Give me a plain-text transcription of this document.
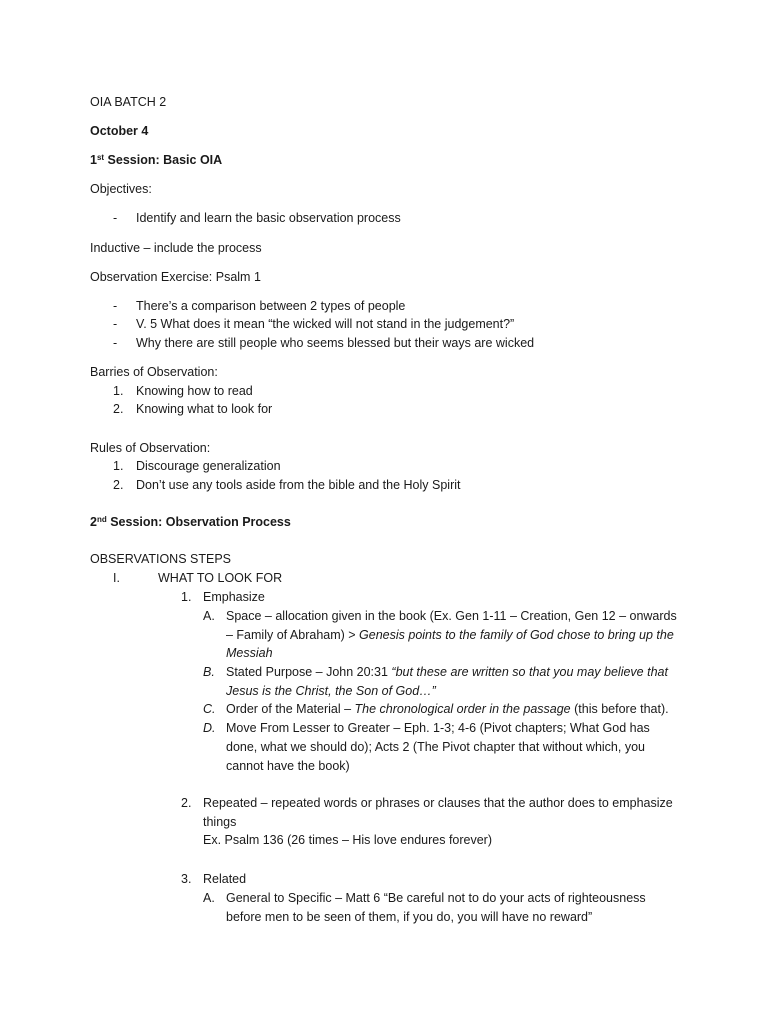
OIA BATCH 2
October 4
1st Session: Basic OIA
Objectives:
- Identify and learn the basic observation process
Inductive – include the process
Observation Exercise: Psalm 1
- There’s a comparison between 2 types of people
- V. 5 What does it mean “the wicked will not stand in the judgement?”
- Why there are still people who seems blessed but their ways are wicked
Barries of Observation:
1. Knowing how to read
2. Knowing what to look for
Rules of Observation:
1. Discourage generalization
2. Don’t use any tools aside from the bible and the Holy Spirit
2nd Session: Observation Process
OBSERVATIONS STEPS
I.	WHAT TO LOOK FOR
1. Emphasize
A. Space – allocation given in the book (Ex. Gen 1-11 – Creation, Gen 12 – onwards
– Family of Abraham) > Genesis points to the family of God chose to bring up the
Messiah
B. Stated Purpose – John 20:31 “but these are written so that you may believe that
Jesus is the Christ, the Son of God…”
C. Order of the Material – The chronological order in the passage (this before that).
D. Move From Lesser to Greater – Eph. 1-3; 4-6 (Pivot chapters; What God has
done, what we should do); Acts 2 (The Pivot chapter that without which, you
cannot have the book)
2. Repeated – repeated words or phrases or clauses that the author does to emphasize
things
Ex. Psalm 136 (26 times – His love endures forever)
3. Related
A. General to Specific – Matt 6 “Be careful not to do your acts of righteousness
before men to be seen of them, if you do, you will have no reward”
